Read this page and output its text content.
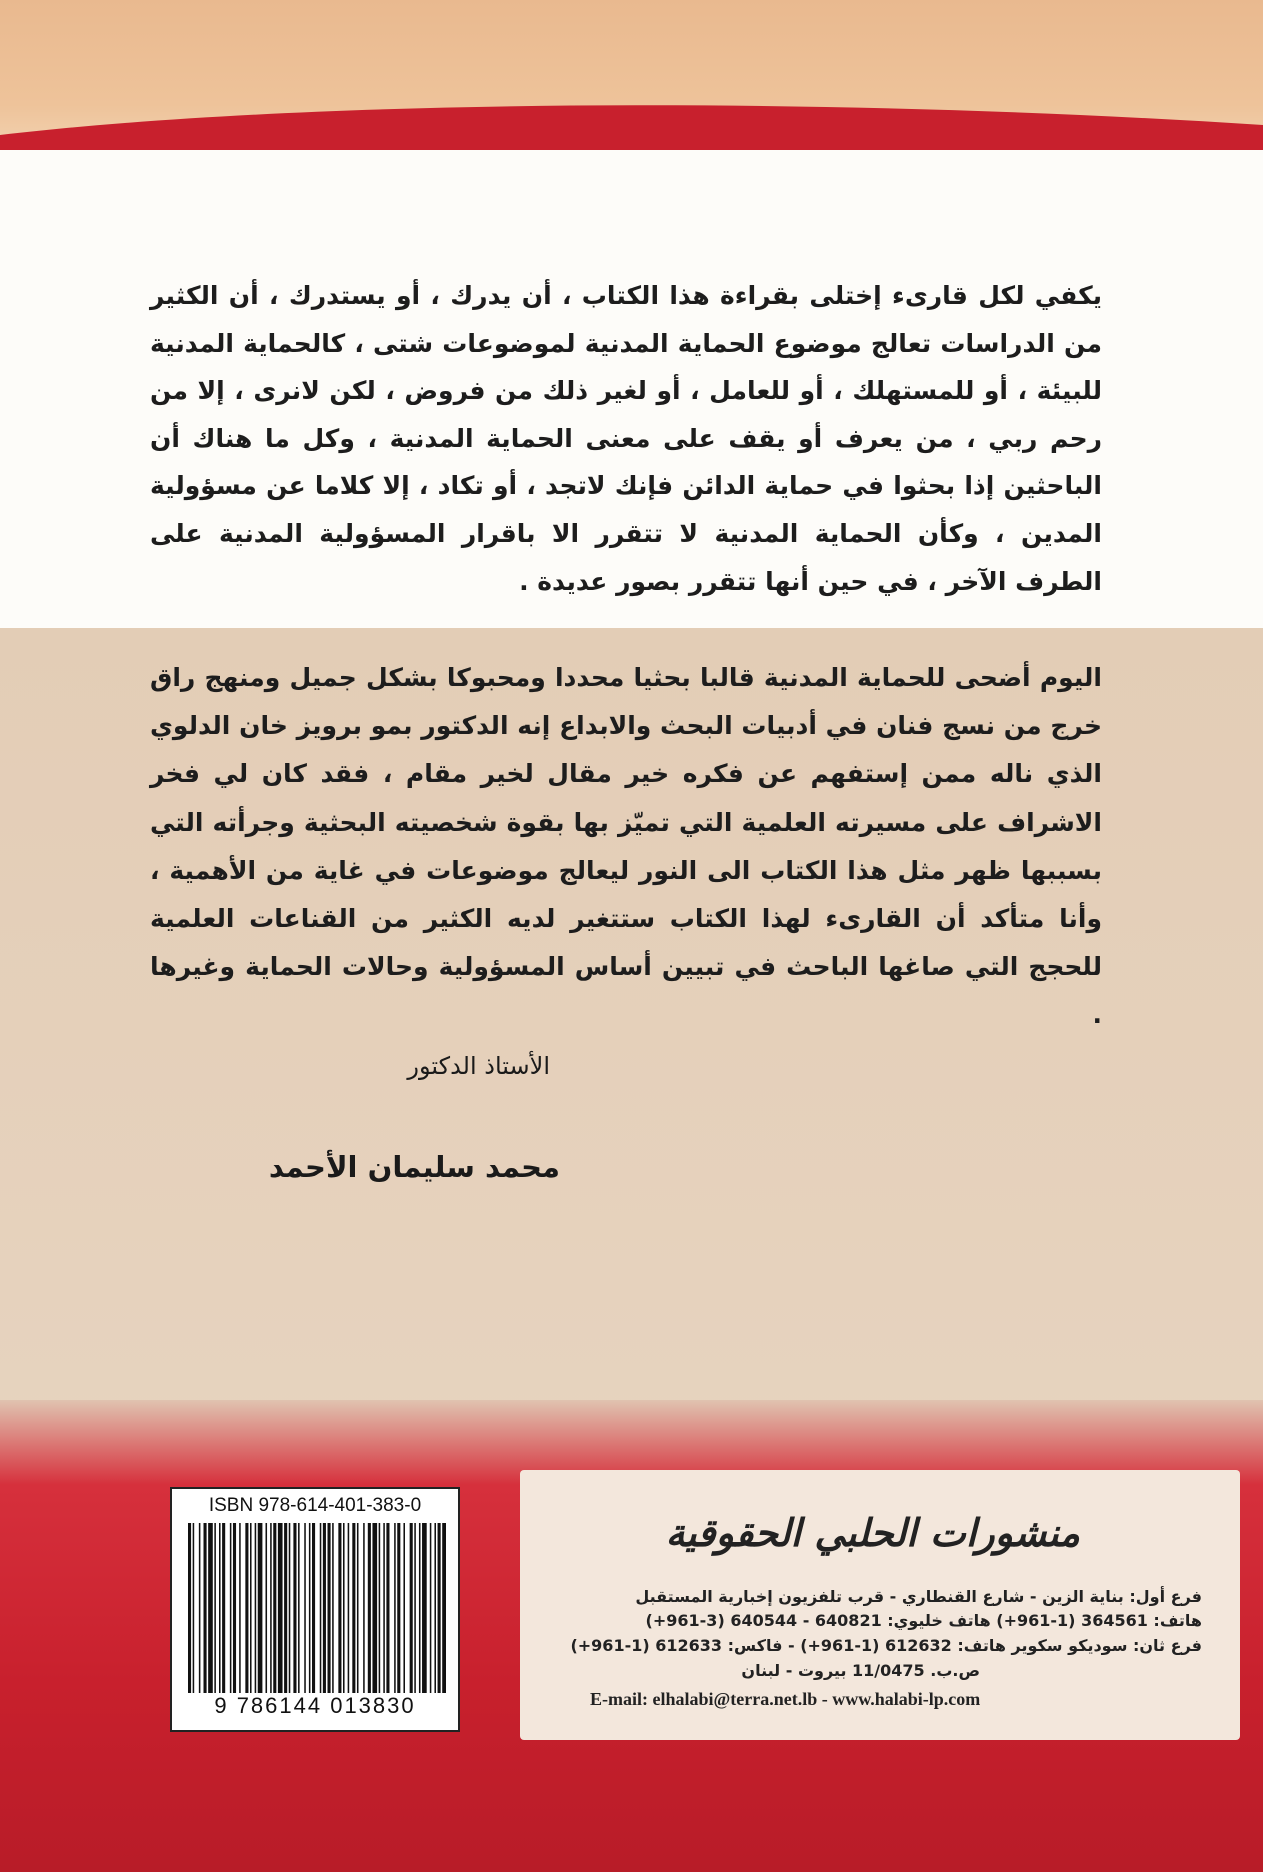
يكفي لكل قارىء إختلى بقراءة هذا الكتاب ، أن يدرك ، أو يستدرك ، أن الكثير من الدراسات تعالج موضوع الحماية المدنية لموضوعات شتى ، كالحماية المدنية للبيئة ، أو للمستهلك ، أو للعامل ، أو لغير ذلك من فروض ، لكن لانرى ، إلا من رحم ربي ، من يعرف أو يقف على معنى الحماية المدنية ، وكل ما هناك أن الباحثين إذا بحثوا في حماية الدائن فإنك لاتجد ، أو تكاد ، إلا كلاما عن مسؤولية المدين ، وكأن الحماية المدنية لا تتقرر الا باقرار المسؤولية المدنية على الطرف الآخر ، في حين أنها تتقرر بصور عديدة .
اليوم أضحى للحماية المدنية قالبا بحثيا محددا ومحبوكا بشكل جميل ومنهج راق خرج من نسج فنان في أدبيات البحث والابداع إنه الدكتور بمو برويز خان الدلوي الذي ناله ممن إستفهم عن فكره خير مقال لخير مقام ، فقد كان لي فخر الاشراف على مسيرته العلمية التي تميّز بها بقوة شخصيته البحثية وجرأته التي بسببها ظهر مثل هذا الكتاب الى النور ليعالج موضوعات في غاية من الأهمية ، وأنا متأكد أن القارىء لهذا الكتاب ستتغير لديه الكثير من القناعات العلمية للحجج التي صاغها الباحث في تبيين أساس المسؤولية وحالات الحماية وغيرها .
الأستاذ الدكتور
محمد سليمان الأحمد
ISBN 978-614-401-383-0
9 786144 013830
منشورات الحلبي الحقوقية
فرع أول: بناية الزين - شارع القنطاري - قرب تلفزيون إخبارية المستقبل
هاتف: 364561 (1-961+) هاتف خليوي: 640821 - 640544 (3-961+)
فرع ثان: سوديكو سكوير هاتف: 612632 (1-961+) - فاكس: 612633 (1-961+)
ص.ب. 11/0475 بيروت - لبنان
E-mail: elhalabi@terra.net.lb - www.halabi-lp.com
